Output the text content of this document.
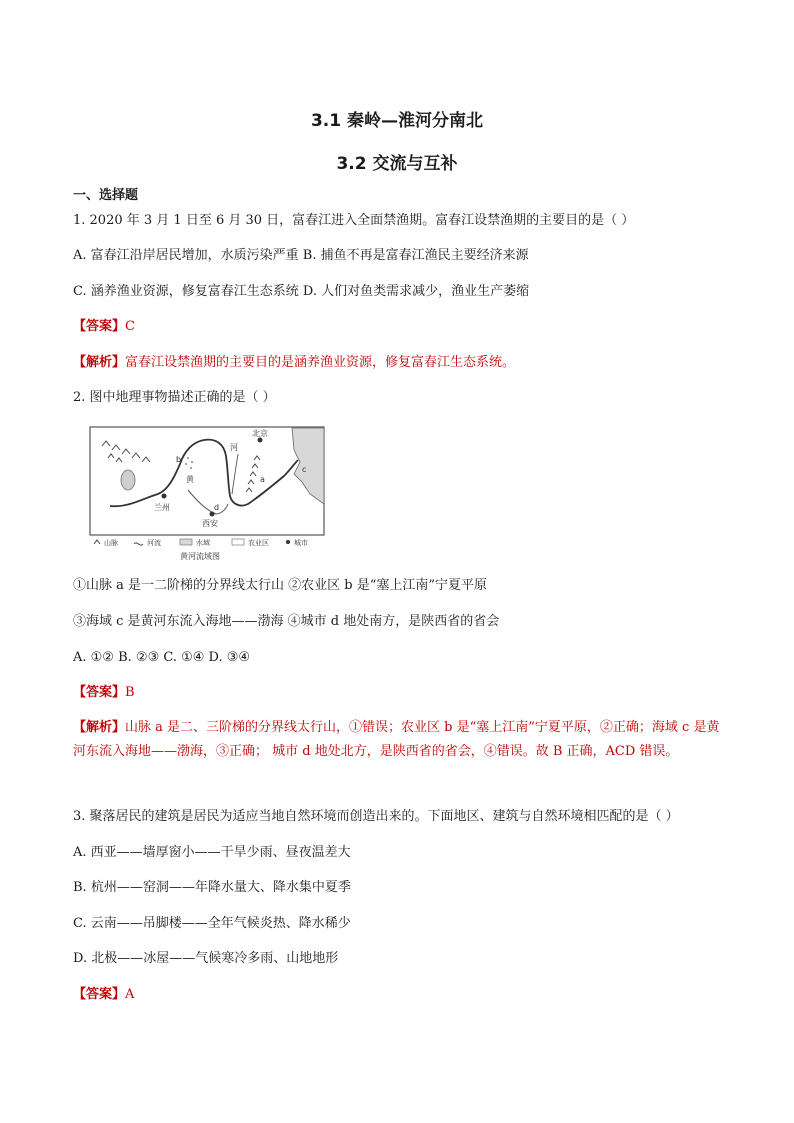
3.1 秦岭—淮河分南北
3.2 交流与互补
一、选择题
1. 2020 年 3 月 1 日至 6 月 30 日，富春江进入全面禁渔期。富春江设禁渔期的主要目的是（ ）
A. 富春江沿岸居民增加，水质污染严重 B. 捕鱼不再是富春江渔民主要经济来源
C. 涵养渔业资源，修复富春江生态系统 D. 人们对鱼类需求减少，渔业生产萎缩
【答案】C
【解析】富春江设禁渔期的主要目的是涵养渔业资源，修复富春江生态系统。
2. 图中地理事物描述正确的是（ ）
北京
b
河
黄	a
c
兰州	d
西安
山脉	河流	水域	农业区	城市
黄河流域图
①山脉 a 是一二阶梯的分界线太行山 ②农业区 b 是“塞上江南”宁夏平原
③海域 c 是黄河东流入海地——渤海 ④城市 d 地处南方，是陕西省的省会
A. ①② B. ②③ C. ①④ D. ③④
【答案】B
【解析】山脉 a 是二、三阶梯的分界线太行山，①错误；农业区 b 是“塞上江南”宁夏平原，②正确；海域 c 是黄河东流入海地——渤海，③正确； 城市 d 地处北方，是陕西省的省会，④错误。故 B 正确，ACD 错误。
3. 聚落居民的建筑是居民为适应当地自然环境而创造出来的。下面地区、建筑与自然环境相匹配的是（ ）
A. 西亚——墙厚窗小——干旱少雨、昼夜温差大
B. 杭州——窑洞——年降水量大、降水集中夏季
C. 云南——吊脚楼——全年气候炎热、降水稀少
D. 北极——冰屋——气候寒冷多雨、山地地形
【答案】A
